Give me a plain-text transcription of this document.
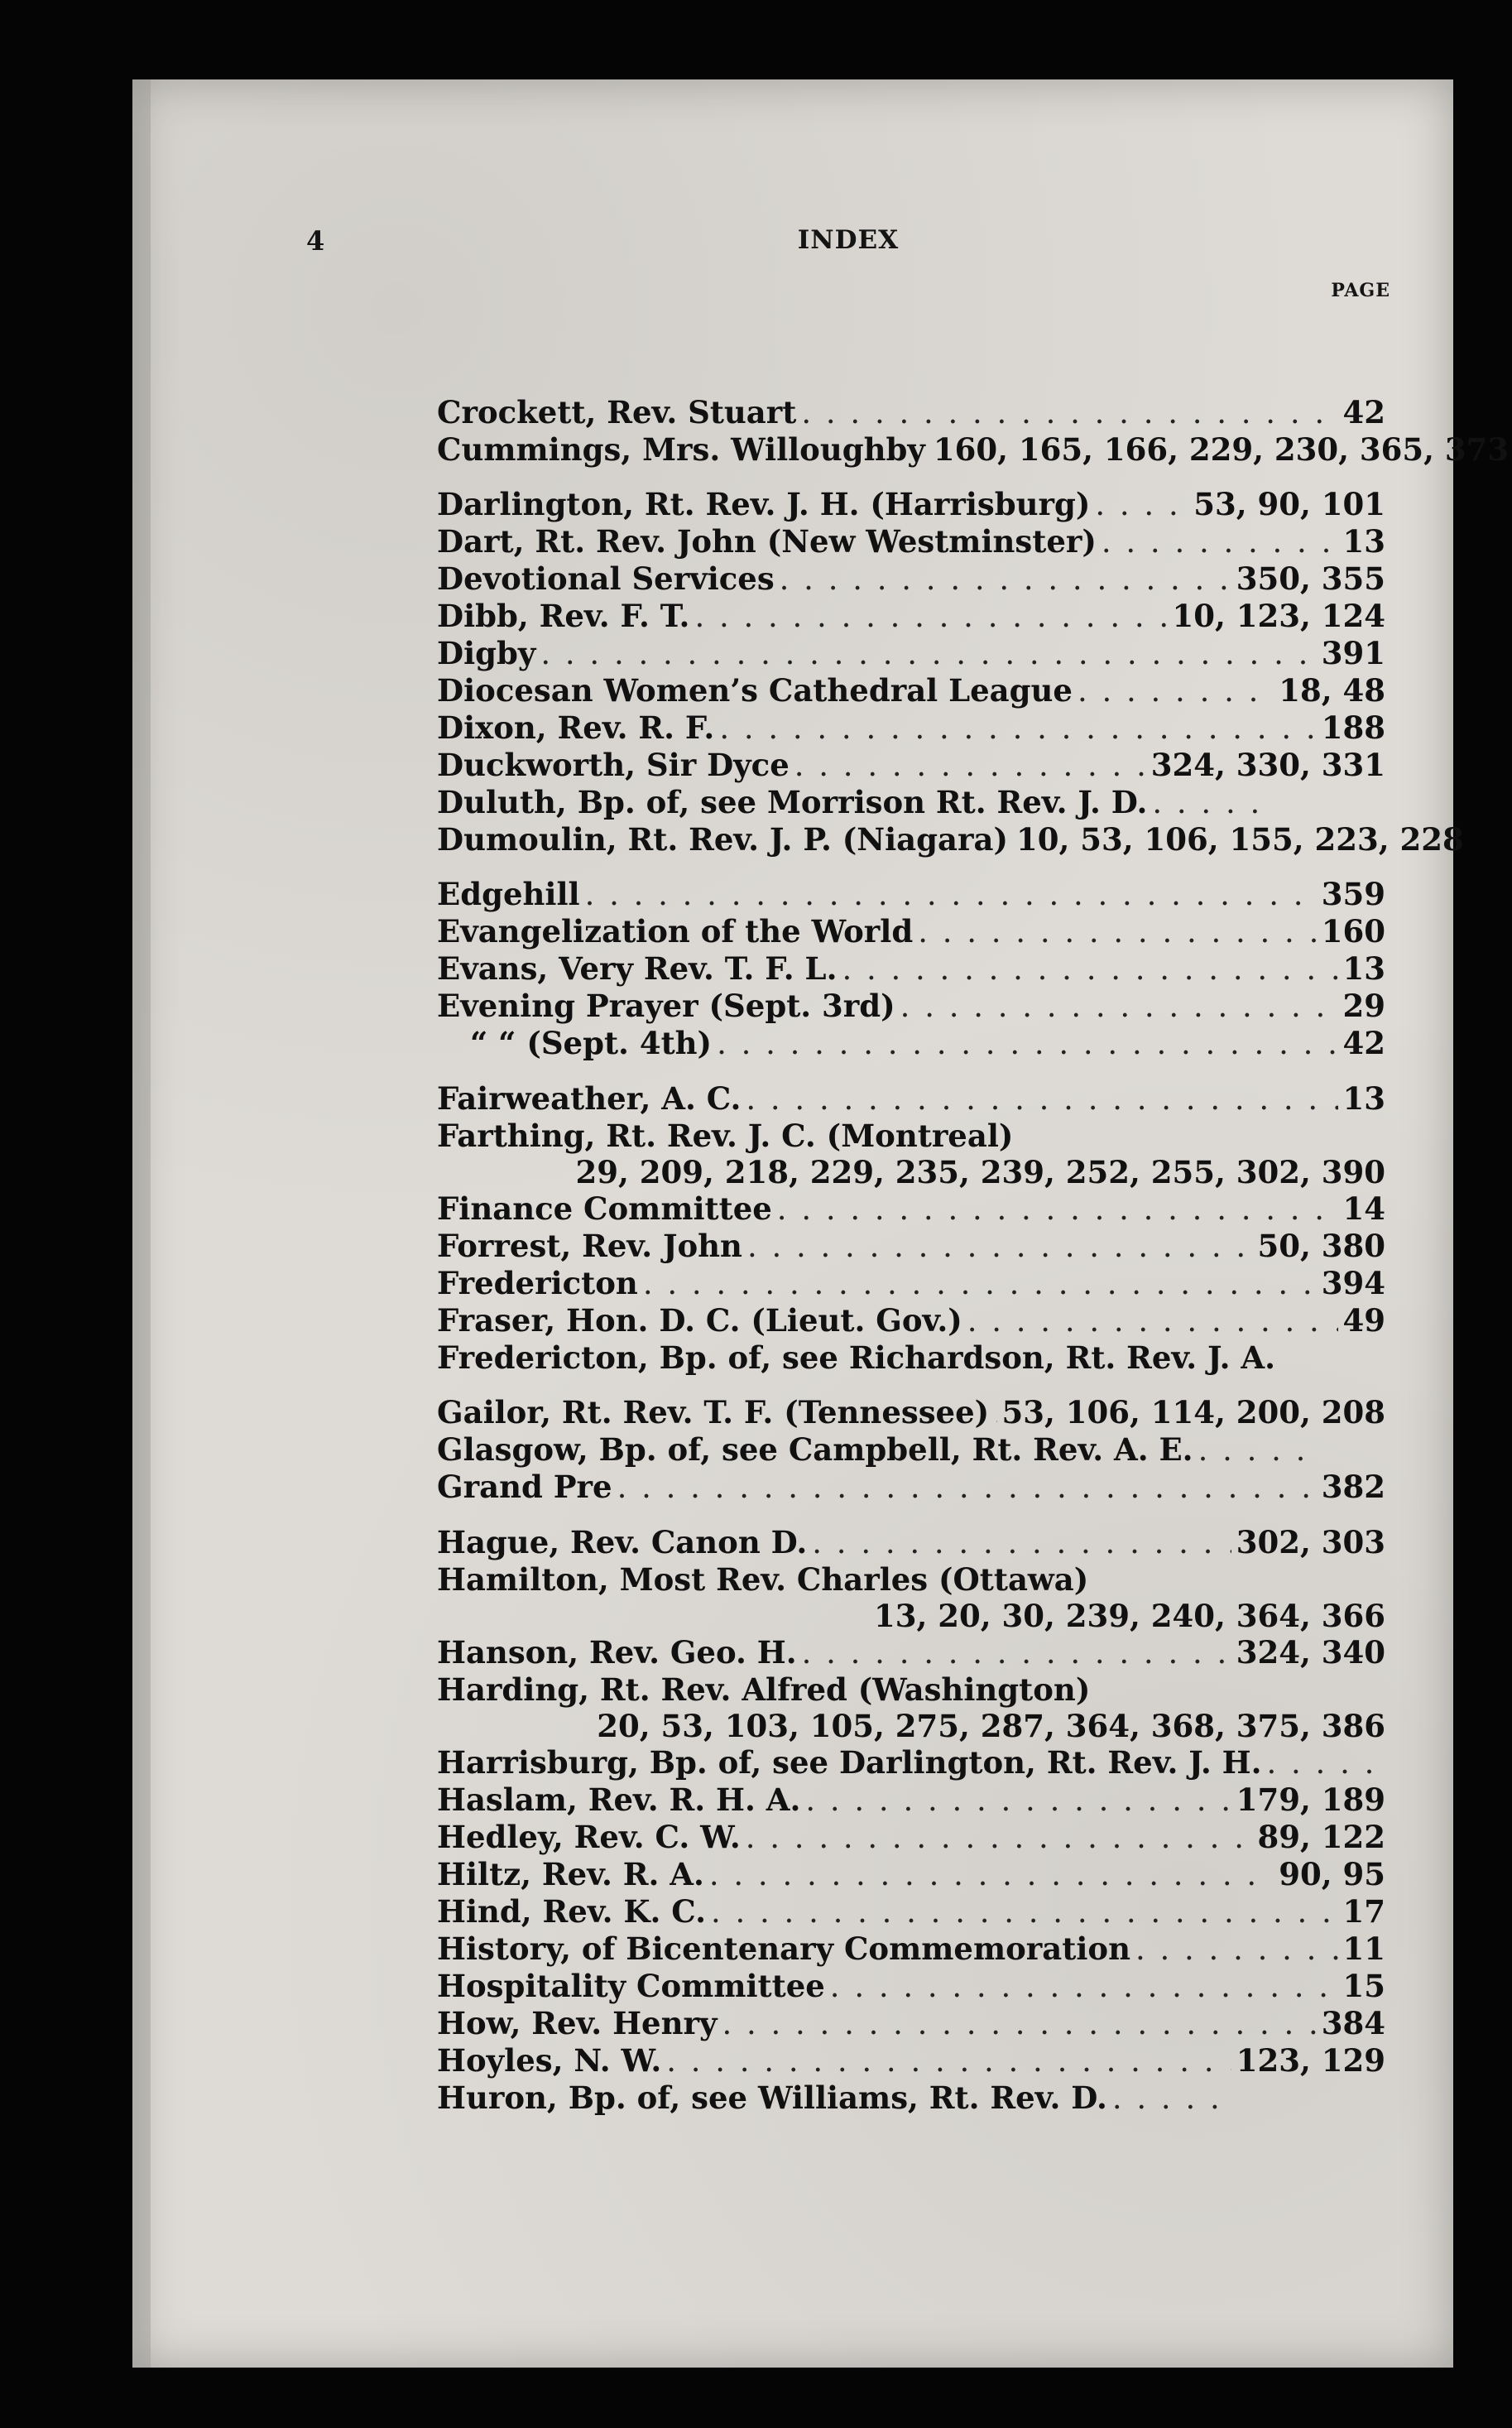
4	INDEX
PAGE
Crockett, Rev. Stuart . . .	42
Cummings, Mrs. Willoughby 160, 165, 166, 229, 230, 365, 373
Darlington, Rt. Rev. J. H. (Harrisburg) . . .	53, 90, 101
Dart, Rt. Rev. John (New Westminster) . . .	13
Devotional Services . . .	350, 355
Dibb, Rev. F. T. . . .	10, 123, 124
Digby . . .	391
Diocesan Women’s Cathedral League . . .	18, 48
Dixon, Rev. R. F. . . .	188
Duckworth, Sir Dyce . . .	324, 330, 331
Duluth, Bp. of, see Morrison Rt. Rev. J. D.
. . .
Dumoulin, Rt. Rev. J. P. (Niagara) 10, 53, 106, 155, 223, 228
Edgehill . . .	359
Evangelization of the World . . .	160
Evans, Very Rev. T. F. L. . . .	13
Evening Prayer (Sept. 3rd) . . .	29
“ “ (Sept. 4th) . . .	42
Fairweather, A. C. . . .	13
Farthing, Rt. Rev. J. C. (Montreal)
29, 209, 218, 229, 235, 239, 252, 255, 302, 390
Finance Committee . . .	14
Forrest, Rev. John . . .	50, 380
Fredericton . . .	394
Fraser, Hon. D. C. (Lieut. Gov.) . . .	49
Fredericton, Bp. of, see Richardson, Rt. Rev. J. A.
Gailor, Rt. Rev. T. F. (Tennessee) . . . 53, 106, 114, 200, 208
Glasgow, Bp. of, see Campbell, Rt. Rev. A. E.
. . .
Grand Pre . . .	382
Hague, Rev. Canon D. . . .	302, 303
Hamilton, Most Rev. Charles (Ottawa)
13, 20, 30, 239, 240, 364, 366
Hanson, Rev. Geo. H. . . .	324, 340
Harding, Rt. Rev. Alfred (Washington)
20, 53, 103, 105, 275, 287, 364, 368, 375, 386
Harrisburg, Bp. of, see Darlington, Rt. Rev. J. H.
. . .
Haslam, Rev. R. H. A. . . .	179, 189
Hedley, Rev. C. W. . . .	89, 122
Hiltz, Rev. R. A. . . .	90, 95
Hind, Rev. K. C. . . .	17
History, of Bicentenary Commemoration . . .	11
Hospitality Committee . . .	15
How, Rev. Henry . . .	384
Hoyles, N. W. . . .	123, 129
Huron, Bp. of, see Williams, Rt. Rev. D.
. . .
